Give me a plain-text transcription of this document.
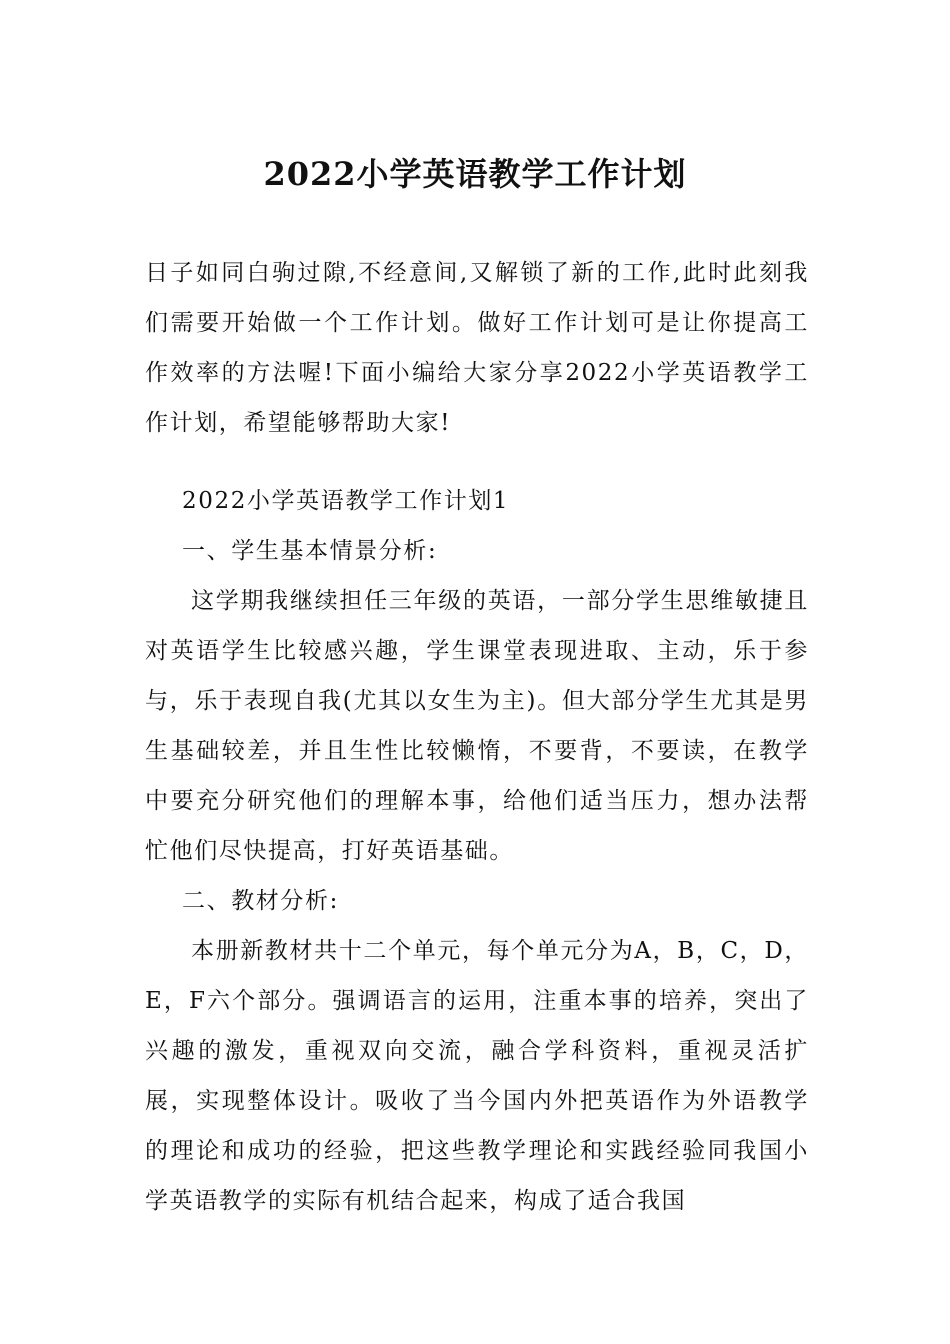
2022小学英语教学工作计划

日子如同白驹过隙,不经意间,又解锁了新的工作,此时此刻我们需要开始做一个工作计划。做好工作计划可是让你提高工作效率的方法喔!下面小编给大家分享2022小学英语教学工作计划，希望能够帮助大家!

2022小学英语教学工作计划1

一、学生基本情景分析:

这学期我继续担任三年级的英语，一部分学生思维敏捷且对英语学生比较感兴趣，学生课堂表现进取、主动，乐于参与，乐于表现自我(尤其以女生为主)。但大部分学生尤其是男生基础较差，并且生性比较懒惰，不要背，不要读，在教学中要充分研究他们的理解本事，给他们适当压力，想办法帮忙他们尽快提高，打好英语基础。

二、教材分析:

本册新教材共十二个单元，每个单元分为A，B，C，D，E，F六个部分。强调语言的运用，注重本事的培养，突出了兴趣的激发，重视双向交流，融合学科资料，重视灵活扩展，实现整体设计。吸收了当今国内外把英语作为外语教学的理论和成功的经验，把这些教学理论和实践经验同我国小学英语教学的实际有机结合起来，构成了适合我国
